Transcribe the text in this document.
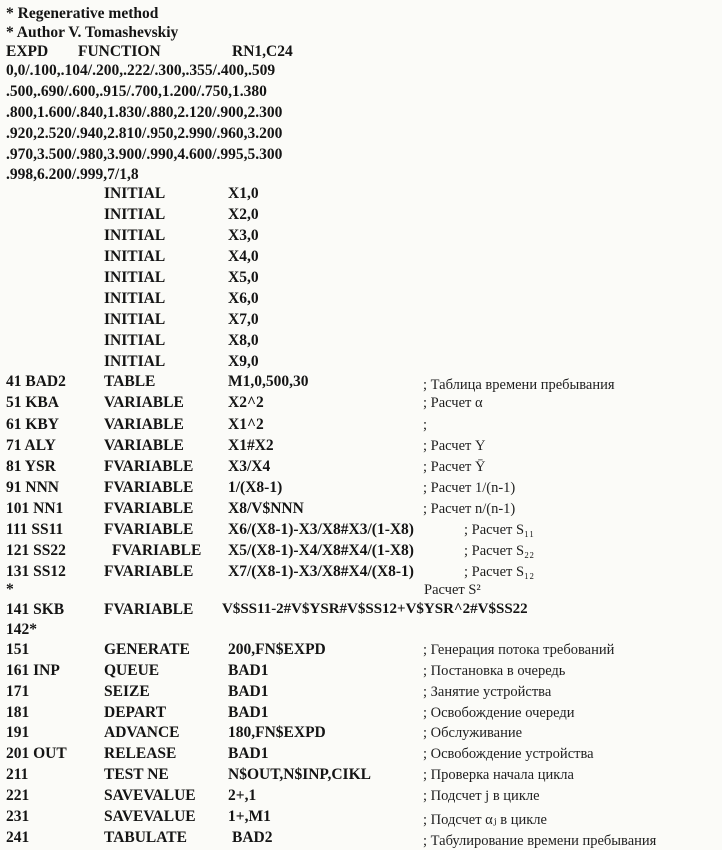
* Regenerative method
* Author V. Tomashevskiy
EXPD FUNCTION	RN1,C24
0,0/.100,.104/.200,.222/.300,.355/.400,.509
.500,.690/.600,.915/.700,1.200/.750,1.380
.800,1.600/.840,1.830/.880,2.120/.900,2.300
.920,2.520/.940,2.810/.950,2.990/.960,3.200
.970,3.500/.980,3.900/.990,4.600/.995,5.300
.998,6.200/.999,7/1,8
INITIAL	X1,0
INITIAL	X2,0
INITIAL	X3,0
INITIAL	X4,0
INITIAL	X5,0
INITIAL	X6,0
INITIAL	X7,0
INITIAL	X8,0
INITIAL	X9,0
41 BAD2 TABLE	M1,0,500,30	; Таблица времени пребывания
51 KBA	VARIABLE	X2^2	; Расчет α
61 KBY	VARIABLE	X1^2	;
71 ALY	VARIABLE	X1#X2	; Расчет Y
81 YSR	FVARIABLE X3/X4	; Расчет Ȳ
91 NNN	FVARIABLE 1/(X8-1)	; Расчет 1/(n-1)
101 NN1	FVARIABLE X8/V$NNN	; Расчет n/(n-1)
111 SS11	FVARIABLE X6/(X8-1)-X3/X8#X3/(1-X8)	; Расчет S₁₁
121 SS22	FVARIABLE X5/(X8-1)-X4/X8#X4/(1-X8)	; Расчет S₂₂
131 SS12 FVARIABLE X7/(X8-1)-X3/X8#X4/(X8-1)	; Расчет S₁₂
*	Расчет S²
141 SKB	FVARIABLE V$SS11-2#V$YSR#V$SS12+V$YSR^2#V$SS22
142*
151	GENERATE 200,FN$EXPD	; Генерация потока требований
161 INP	QUEUE	BAD1	; Постановка в очередь
171	SEIZE	BAD1	; Занятие устройства
181	DEPART	BAD1	; Освобождение очереди
191	ADVANCE	180,FN$EXPD	; Обслуживание
201 OUT RELEASE	BAD1	; Освобождение устройства
211	TEST NE	N$OUT,N$INP,CIKL	; Проверка начала цикла
221	SAVEVALUE 2+,1	; Подсчет j в цикле
231	SAVEVALUE 1+,M1	; Подсчет αⱼ в цикле
241	TABULATE	BAD2	; Табулирование времени пребывания
